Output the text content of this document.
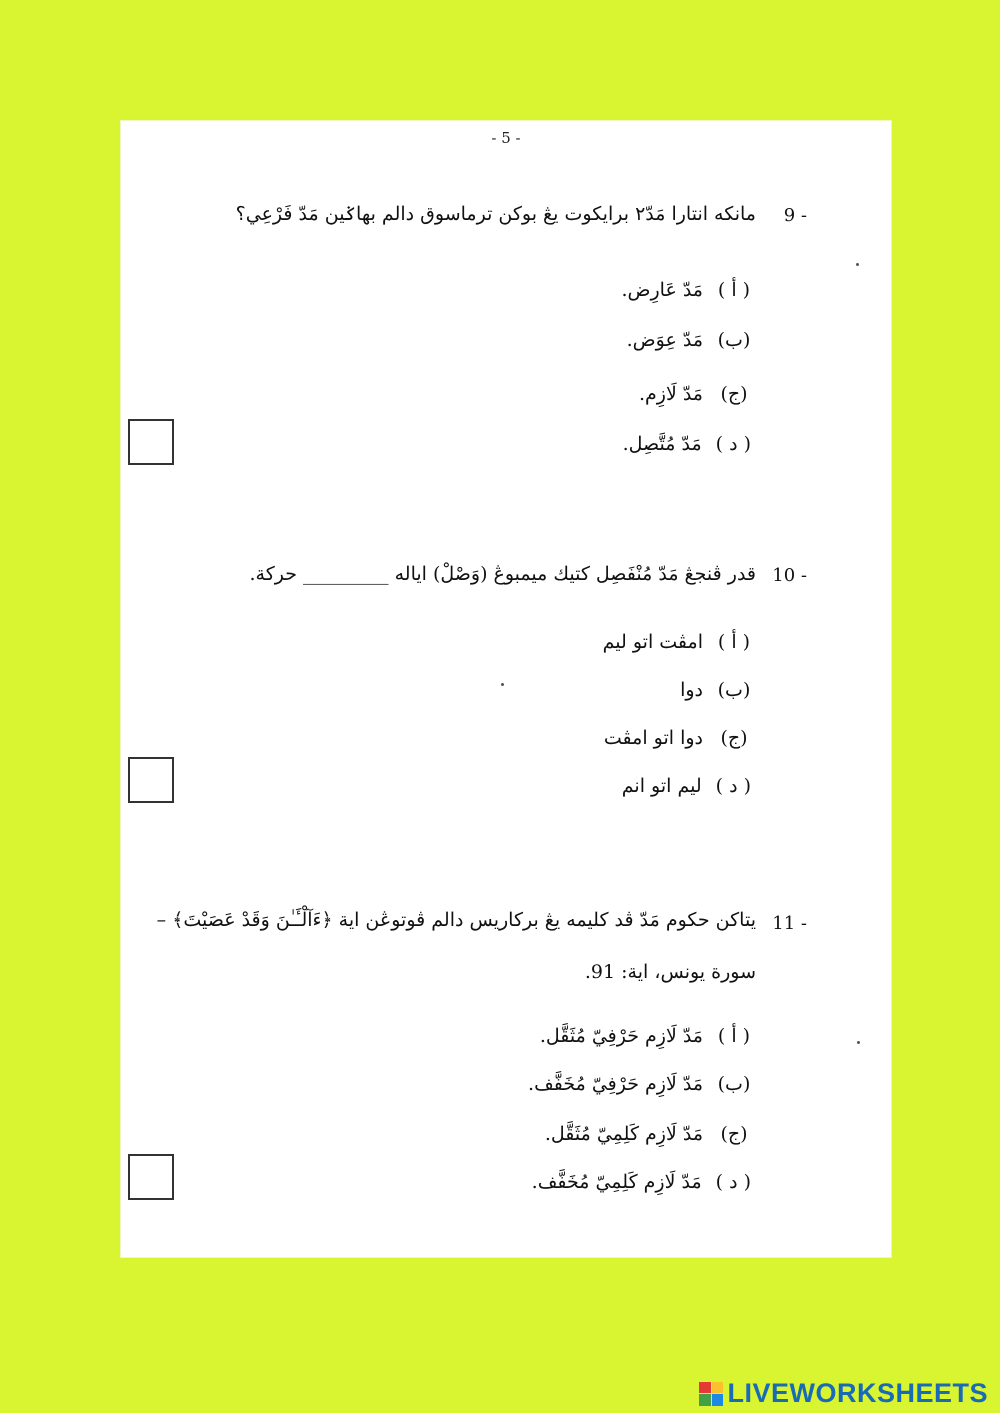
- 5 -
9 -
مانكه انتارا مَدّ٢ برايكوت يڠ بوكن ترماسوق دالم بهاݢين مَدّ فَرْعِي؟
( أ )
مَدّ عَارِض.
(ب)
مَدّ عِوَض.
(ج)
مَدّ لَازِم.
( د )
مَدّ مُتَّصِل.
10 -
قدر ڤنجڠ مَدّ مُنْفَصِل كتيك ميمبوڠ (وَصْلْ) اياله _________ حركة.
( أ )
امڤت اتو ليم
(ب)
دوا
(ج)
دوا اتو امڤت
( د )
ليم اتو انم
11 -
يتاكن حكوم مَدّ ڤد كليمه يڠ بركاريس دالم ڤوتوڠن اية ﴿ءَآلْـَٔـٰنَ وَقَدْ عَصَيْتَ﴾ –
سورة يونس، اية: 91.
( أ )
مَدّ لَازِم حَرْفِيّ مُثَقَّل.
(ب)
مَدّ لَازِم حَرْفِيّ مُخَفَّف.
(ج)
مَدّ لَازِم كَلِمِيّ مُثَقَّل.
( د )
مَدّ لَازِم كَلِمِيّ مُخَفَّف.
LIVEWORKSHEETS
